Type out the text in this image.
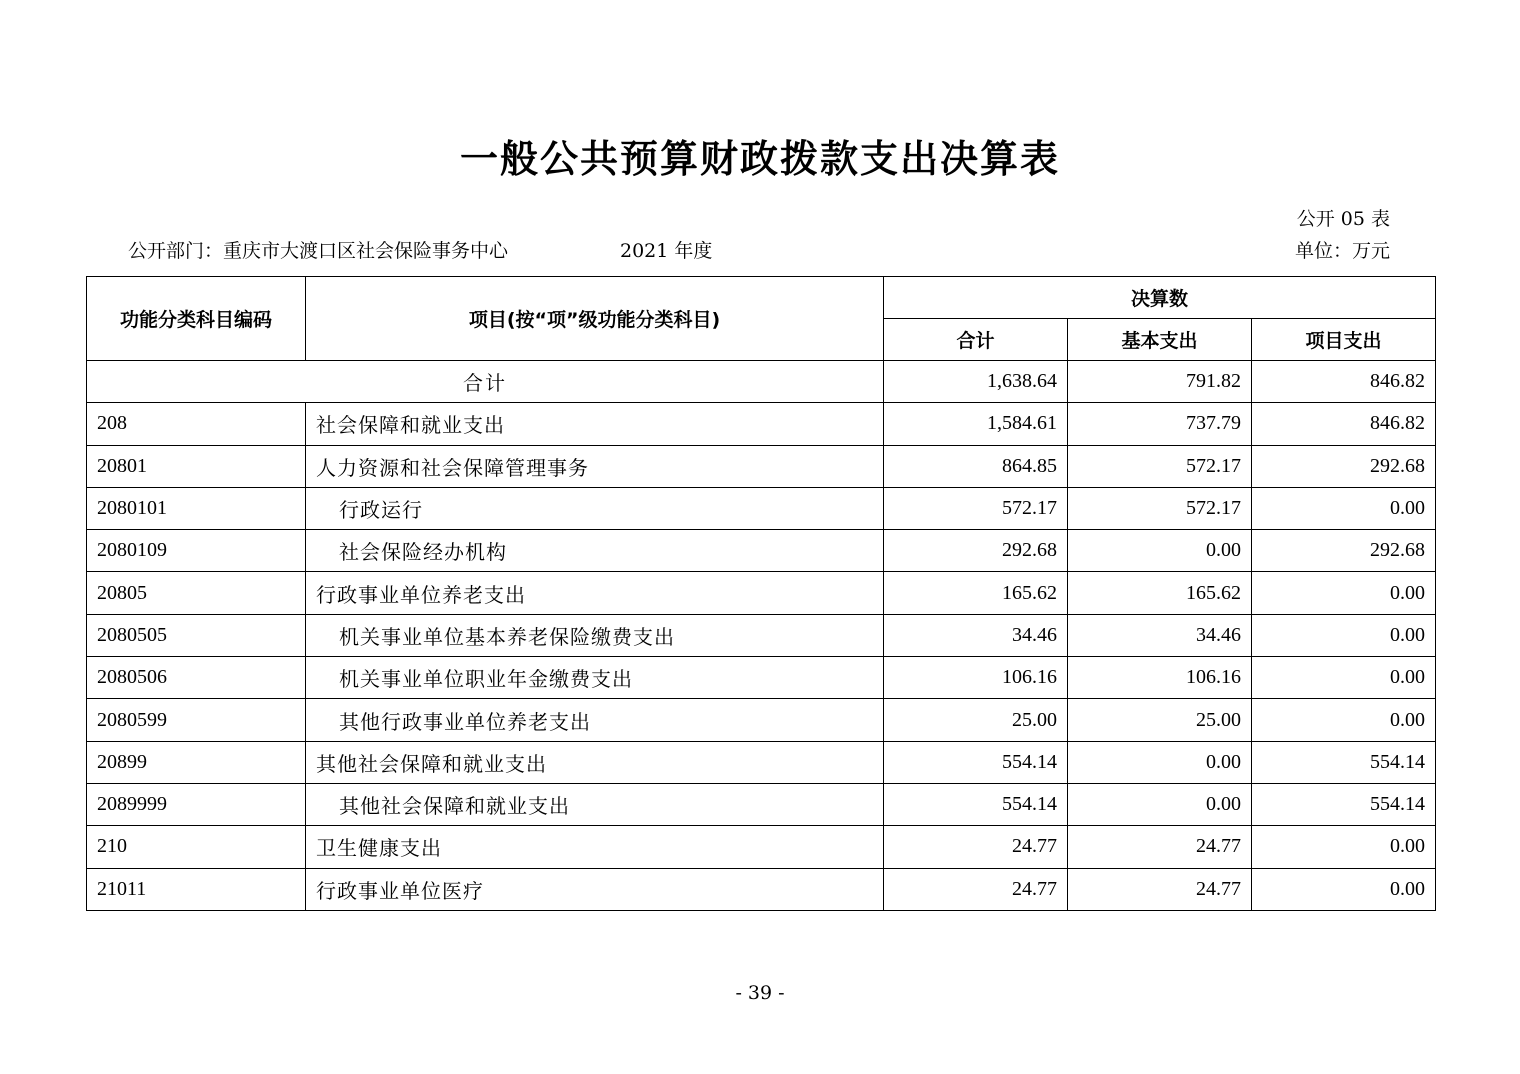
一般公共预算财政拨款支出决算表
公开 05 表
公开部门：重庆市大渡口区社会保险事务中心	2021 年度	单位：万元
功能分类科目编码	项目(按“项”级功能分类科目)	决算数		
		合计	基本支出	项目支出
合计		1,638.64	791.82	846.82
208	社会保障和就业支出	1,584.61	737.79	846.82
20801	人力资源和社会保障管理事务	864.85	572.17	292.68
2080101	行政运行	572.17	572.17	0.00
2080109	社会保险经办机构	292.68	0.00	292.68
20805	行政事业单位养老支出	165.62	165.62	0.00
2080505	机关事业单位基本养老保险缴费支出	34.46	34.46	0.00
2080506	机关事业单位职业年金缴费支出	106.16	106.16	0.00
2080599	其他行政事业单位养老支出	25.00	25.00	0.00
20899	其他社会保障和就业支出	554.14	0.00	554.14
2089999	其他社会保障和就业支出	554.14	0.00	554.14
210	卫生健康支出	24.77	24.77	0.00
21011	行政事业单位医疗	24.77	24.77	0.00
- 39 -
